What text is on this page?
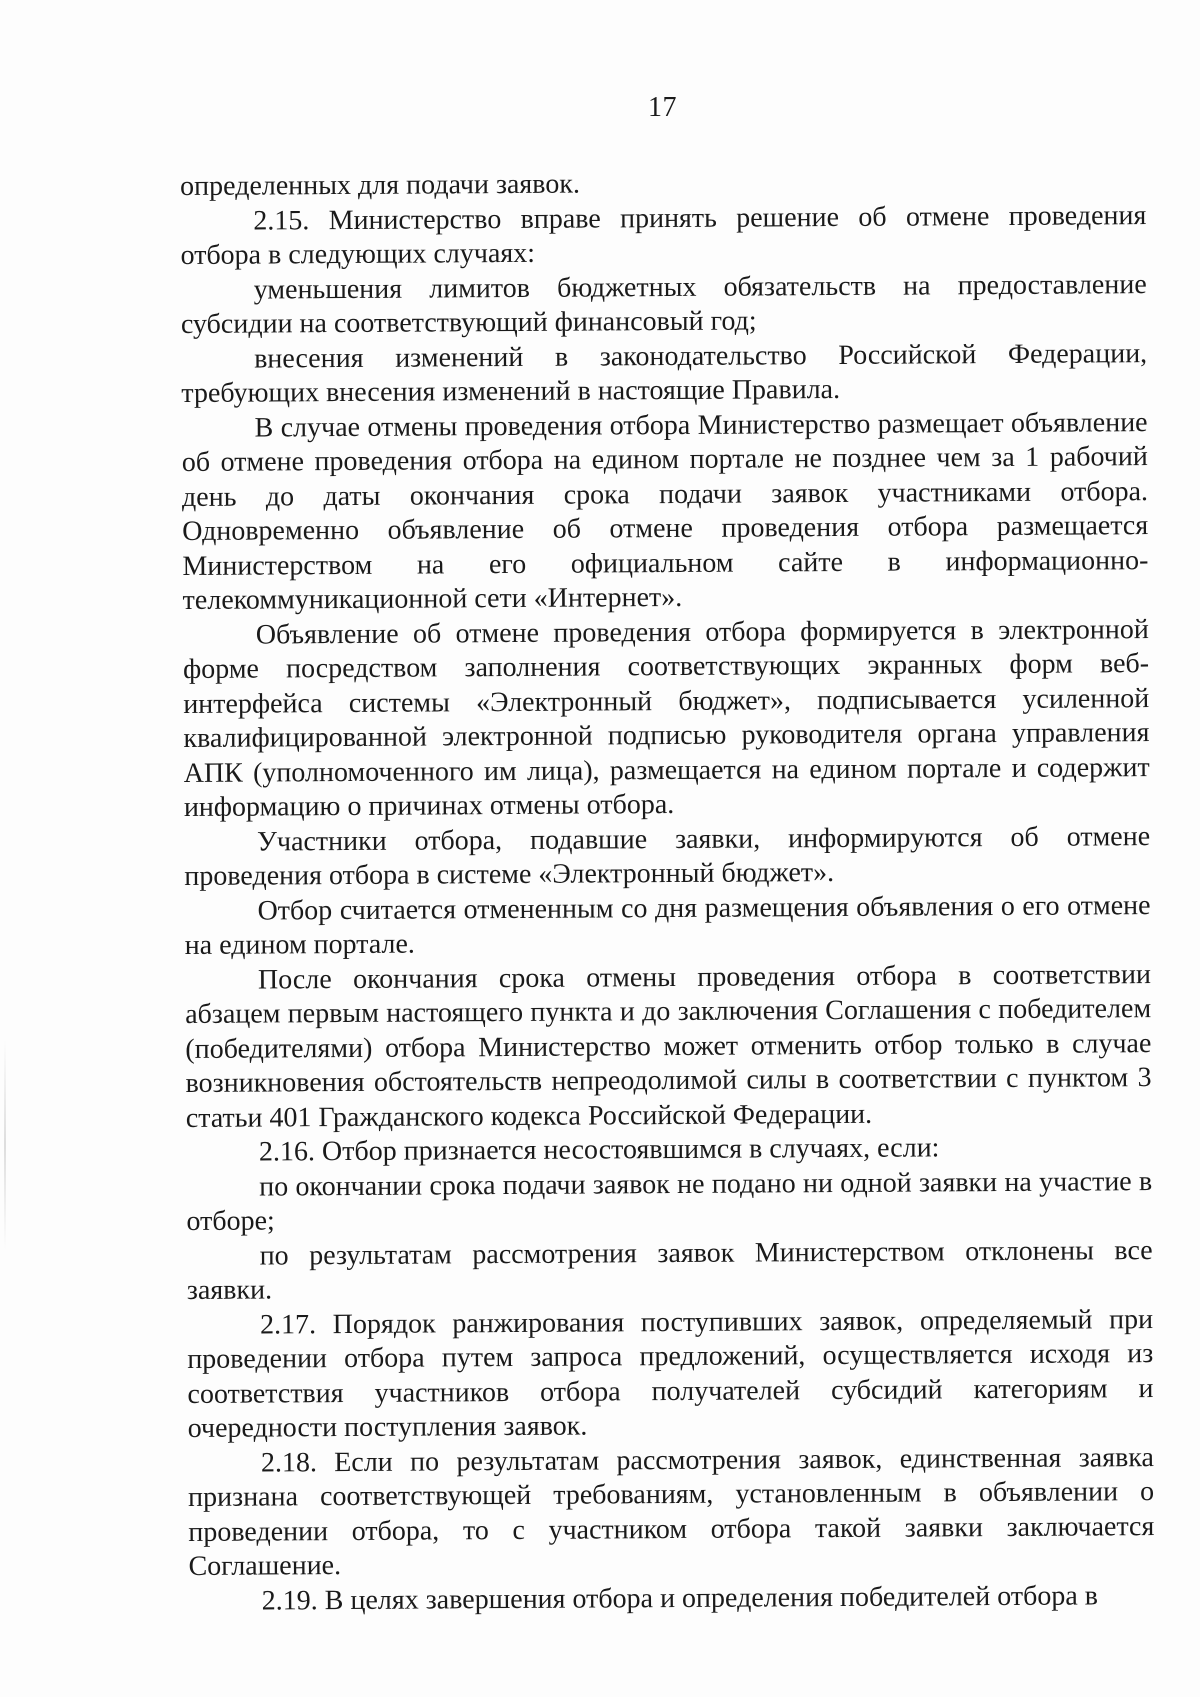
17

определенных для подачи заявок.

2.15. Министерство вправе принять решение об отмене проведения отбора в следующих случаях:

уменьшения лимитов бюджетных обязательств на предоставление субсидии на соответствующий финансовый год;

внесения изменений в законодательство Российской Федерации, требующих внесения изменений в настоящие Правила.

В случае отмены проведения отбора Министерство размещает объявление об отмене проведения отбора на едином портале не позднее чем за 1 рабочий день до даты окончания срока подачи заявок участниками отбора. Одновременно объявление об отмене проведения отбора размещается Министерством на его официальном сайте в информационно-телекоммуникационной сети «Интернет».

Объявление об отмене проведения отбора формируется в электронной форме посредством заполнения соответствующих экранных форм веб-интерфейса системы «Электронный бюджет», подписывается усиленной квалифицированной электронной подписью руководителя органа управления АПК (уполномоченного им лица), размещается на едином портале и содержит информацию о причинах отмены отбора.

Участники отбора, подавшие заявки, информируются об отмене проведения отбора в системе «Электронный бюджет».

Отбор считается отмененным со дня размещения объявления о его отмене на едином портале.

После окончания срока отмены проведения отбора в соответствии абзацем первым настоящего пункта и до заключения Соглашения с победителем (победителями) отбора Министерство может отменить отбор только в случае возникновения обстоятельств непреодолимой силы в соответствии с пунктом 3 статьи 401 Гражданского кодекса Российской Федерации.

2.16. Отбор признается несостоявшимся в случаях, если:

по окончании срока подачи заявок не подано ни одной заявки на участие в отборе;

по результатам рассмотрения заявок Министерством отклонены все заявки.

2.17. Порядок ранжирования поступивших заявок, определяемый при проведении отбора путем запроса предложений, осуществляется исходя из соответствия участников отбора получателей субсидий категориям и очередности поступления заявок.

2.18. Если по результатам рассмотрения заявок, единственная заявка признана соответствующей требованиям, установленным в объявлении о проведении отбора, то с участником отбора такой заявки заключается Соглашение.

2.19. В целях завершения отбора и определения победителей отбора в
